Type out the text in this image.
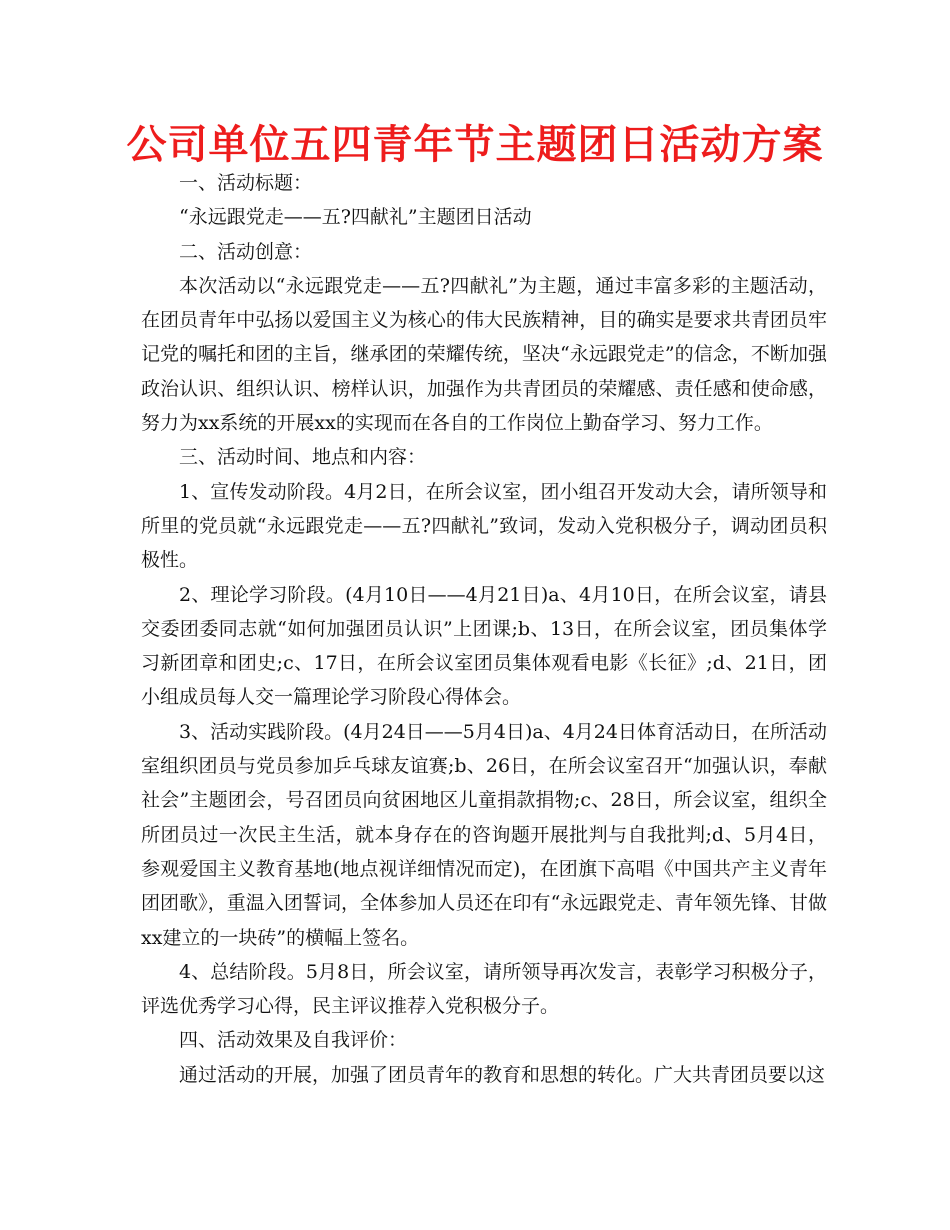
公司单位五四青年节主题团日活动方案

一、活动标题：

“永远跟党走——五?四献礼”主题团日活动

二、活动创意：

本次活动以“永远跟党走——五?四献礼”为主题，通过丰富多彩的主题活动，在团员青年中弘扬以爱国主义为核心的伟大民族精神，目的确实是要求共青团员牢记党的嘱托和团的主旨，继承团的荣耀传统，坚决“永远跟党走”的信念，不断加强政治认识、组织认识、榜样认识，加强作为共青团员的荣耀感、责任感和使命感，努力为xx系统的开展xx的实现而在各自的工作岗位上勤奋学习、努力工作。

三、活动时间、地点和内容：

1、宣传发动阶段。4月2日，在所会议室，团小组召开发动大会，请所领导和所里的党员就“永远跟党走——五?四献礼”致词，发动入党积极分子，调动团员积极性。

2、理论学习阶段。(4月10日——4月21日)a、4月10日，在所会议室，请县交委团委同志就“如何加强团员认识”上团课;b、13日，在所会议室，团员集体学习新团章和团史;c、17日，在所会议室团员集体观看电影《长征》;d、21日，团小组成员每人交一篇理论学习阶段心得体会。

3、活动实践阶段。(4月24日——5月4日)a、4月24日体育活动日，在所活动室组织团员与党员参加乒乓球友谊赛;b、26日，在所会议室召开“加强认识，奉献社会”主题团会，号召团员向贫困地区儿童捐款捐物;c、28日，所会议室，组织全所团员过一次民主生活，就本身存在的咨询题开展批判与自我批判;d、5月4日，参观爱国主义教育基地(地点视详细情况而定)，在团旗下高唱《中国共产主义青年团团歌》，重温入团誓词，全体参加人员还在印有“永远跟党走、青年领先锋、甘做xx建立的一块砖”的横幅上签名。

4、总结阶段。5月8日，所会议室，请所领导再次发言，表彰学习积极分子，评选优秀学习心得，民主评议推荐入党积极分子。

四、活动效果及自我评价：

通过活动的开展，加强了团员青年的教育和思想的转化。广大共青团员要以这
